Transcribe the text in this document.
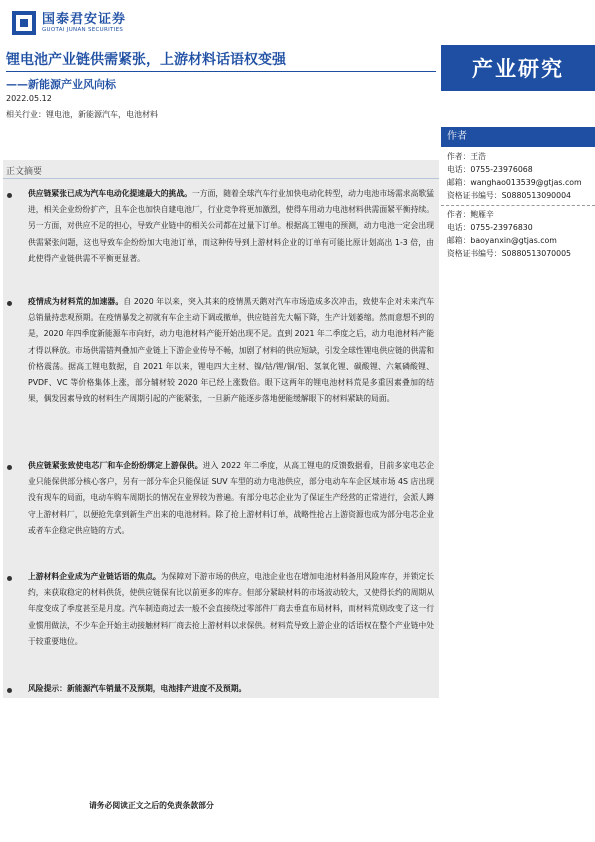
国泰君安证券
GUOTAI JUNAN SECURITIES
锂电池产业链供需紧张，上游材料话语权变强
——新能源产业风向标
产业研究
2022.05.12
相关行业：锂电池，新能源汽车，电池材料
正文摘要
供应链紧张已成为汽车电动化提速最大的挑战。一方面，随着全球汽车行业加快电动化转型，动力电池市场需求高歌猛进，相关企业纷纷扩产，且车企也加快自建电池厂，行业竞争将更加激烈，使得车用动力电池材料供需面紧平衡持续。另一方面，对供应不足的担心，导致产业链中的相关公司都在过量下订单。根据高工锂电的预测，动力电池一定会出现供需紧张问题，这也导致车企纷纷加大电池订单，而这种传导到上游材料企业的订单有可能比原计划高出 1-3 倍，由此使得产业链供需不平衡更显著。
疫情成为材料荒的加速器。自 2020 年以来，突入其来的疫情黑天鹅对汽车市场造成多次冲击，致使车企对未来汽车总销量持悲观预期。在疫情暴发之初就有车企主动下调或撤单，供应链首先大幅下降，生产计划萎缩。然而意想不到的是，2020 年四季度新能源车市向好，动力电池材料产能开始出现不足。直到 2021 年二季度之后，动力电池材料产能才得以释放。市场供需错判叠加产业链上下游企业传导不畅，加剧了材料的供应短缺，引发全球性锂电供应链的供需和价格震荡。据高工锂电数据，自 2021 年以来，锂电四大主材、镍/钴/锂/铜/铝、氢氧化锂、碳酸锂、六氟磷酸锂、PVDF、VC 等价格集体上涨，部分辅材较 2020 年已经上涨数倍。眼下这两年的锂电池材料荒是多重因素叠加的结果，偶发因素导致的材料生产周期引起的产能紧张，一旦新产能逐步落地便能缓解眼下的材料紧缺的局面。
供应链紧张致使电芯厂和车企纷纷绑定上游保供。进入 2022 年二季度，从高工锂电的反馈数据看，目前多家电芯企业只能保供部分核心客户，另有一部分车企只能保证 SUV 车型的动力电池供应，部分电动车车企区域市场 4S 店出现没有现车的局面，电动车购车周期长的情况在业界较为普遍。有部分电芯企业为了保证生产经营的正常进行，会派人蹲守上游材料厂，以便抢先拿到新生产出来的电池材料。除了抢上游材料订单，战略性抢占上游资源也成为部分电芯企业或者车企稳定供应链的方式。
上游材料企业成为产业链话语的焦点。为保障对下游市场的供应，电池企业也在增加电池材料备用风险库存，并锁定长约，来获取稳定的材料供货，使供应链保有比以前更多的库存。但部分紧缺材料的市场波动较大，又使得长约的周期从年度变成了季度甚至是月度。汽车制造商过去一般不会直接绕过零部件厂商去垂直布局材料，而材料荒则改变了这一行业惯用做法，不少车企开始主动接触材料厂商去抢上游材料以求保供。材料荒导致上游企业的话语权在整个产业链中处于较重要地位。
风险提示：新能源汽车销量不及预期，电池排产进度不及预期。
作者
作者：王浩
电话：0755-23976068
邮箱：wanghao013539@gtjas.com
资格证书编号：S0880513090004
作者：鲍雁辛
电话：0755-23976830
邮箱：baoyanxin@gtjas.com
资格证书编号：S0880513070005
请务必阅读正文之后的免责条款部分
